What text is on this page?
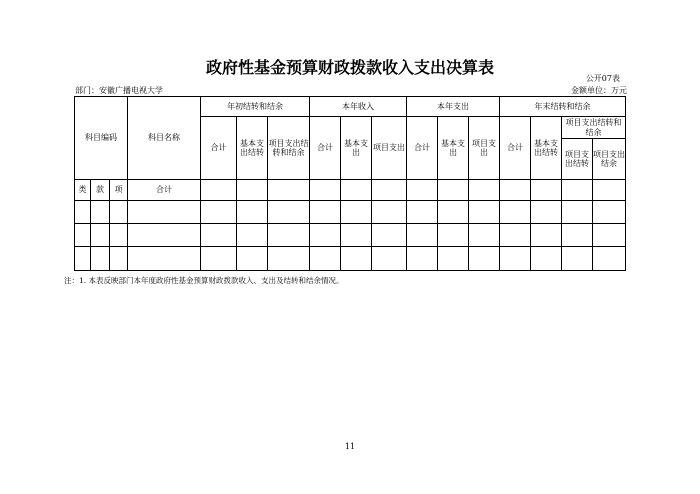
政府性基金预算财政拨款收入支出决算表
公开07表
部门：安徽广播电视大学	金额单位：万元
科目编码			科目名称	年初结转和结余			本年收入			本年支出			年末结转和结余			
				合计	基本支出结转	项目支出结转和结余	合计	基本支出	项目支出	合计	基本支出	项目支出	合计	基本支出结转	项目支出结转和结余	
															项目支出结转	项目支出结余

类	款	项	合计													

注：1. 本表反映部门本年度政府性基金预算财政拨款收入、支出及结转和结余情况。
11
